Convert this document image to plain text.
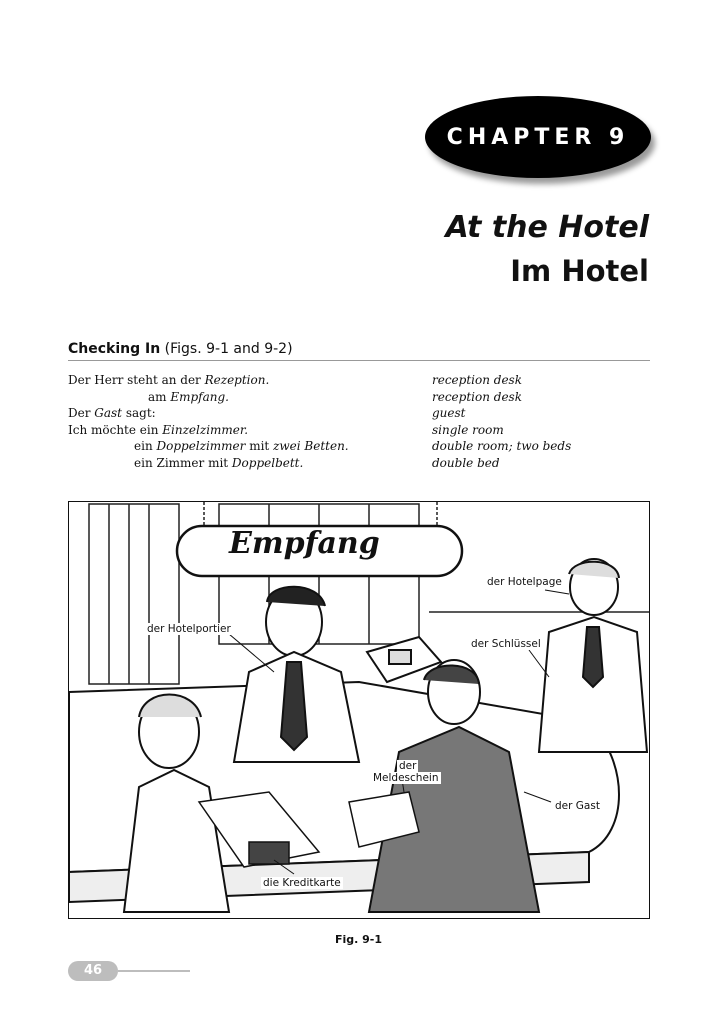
CHAPTER 9
At the Hotel
Im Hotel
Checking In (Figs. 9-1 and 9-2)
Der Herr steht an der Rezeption.	reception desk
am Empfang.	reception desk
Der Gast sagt:	guest
Ich möchte ein Einzelzimmer.	single room
ein Doppelzimmer mit zwei Betten.	double room; two beds
ein Zimmer mit Doppelbett.	double bed
Empfang
der Hotelpage
der Hotelportier
der Schlüssel
der
Meldeschein
der Gast
die Kreditkarte
Fig. 9-1
46
